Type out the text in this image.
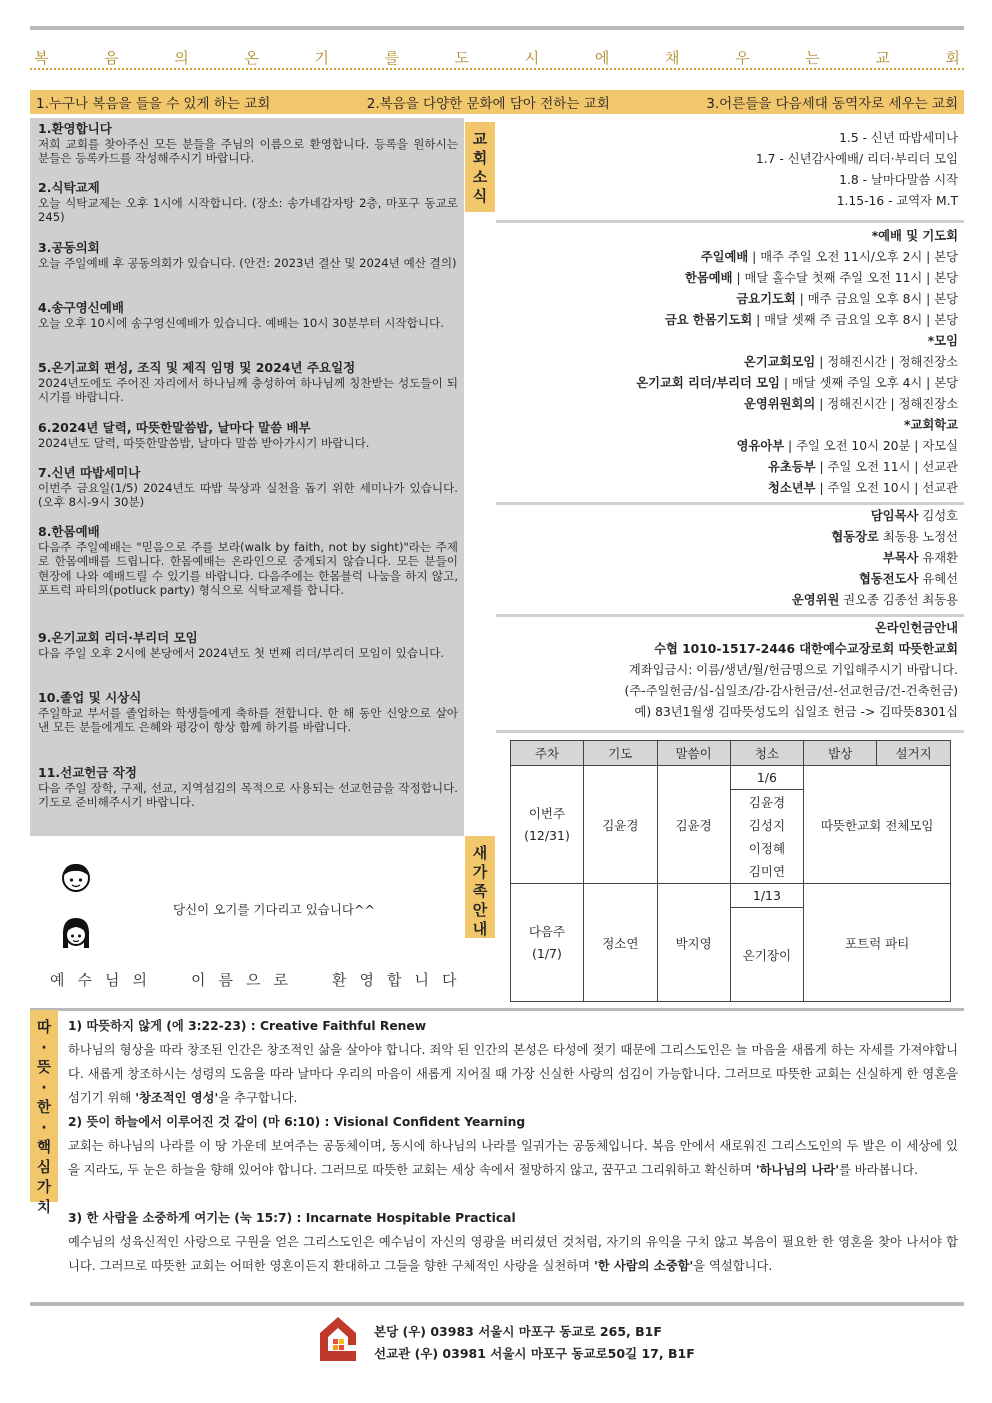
복	음	의	온	기	를	도	시	에	채	우	는	교	회
1.누구나 복음을 들을 수 있게 하는 교회	2.복음을 다양한 문화에 담아 전하는 교회	3.어른들을 다음세대 동역자로 세우는 교회
1.환영합니다
저희 교회를 찾아주신 모든 분들을 주님의 이름으로 환영합니다. 등록을 원하시는 분들은 등록카드를 작성해주시기 바랍니다.
2.식탁교제
오늘 식탁교제는 오후 1시에 시작합니다. (장소: 송가네감자탕 2층, 마포구 동교로 245)
3.공동의회
오늘 주일예배 후 공동의회가 있습니다. (안건: 2023년 결산 및 2024년 예산 결의)
4.송구영신예배
오늘 오후 10시에 송구영신예배가 있습니다. 예배는 10시 30분부터 시작합니다.
5.온기교회 편성, 조직 및 제직 임명 및 2024년 주요일정
2024년도에도 주어진 자리에서 하나님께 충성하여 하나님께 칭찬받는 성도들이 되시기를 바랍니다.
6.2024년 달력, 따뜻한말씀밥, 날마다 말씀 배부
2024년도 달력, 따뜻한말씀밥, 날마다 말씀 받아가시기 바랍니다.
7.신년 따밥세미나
이번주 금요일(1/5) 2024년도 따밥 묵상과 실천을 돕기 위한 세미나가 있습니다. (오후 8시-9시 30분)
8.한몸예배
다음주 주일예배는 "믿음으로 주를 보라(walk by faith, not by sight)"라는 주제로 한몸예배를 드립니다. 한몸예배는 온라인으로 중계되지 않습니다. 모든 분들이 현장에 나와 예배드릴 수 있기를 바랍니다. 다음주에는 한몸블럭 나눔을 하지 않고, 포트럭 파티의(potluck party) 형식으로 식탁교제를 합니다.
9.온기교회 리더·부리더 모임
다음 주일 오후 2시에 본당에서 2024년도 첫 번째 리더/부리더 모임이 있습니다.
10.졸업 및 시상식
주일학교 부서를 졸업하는 학생들에게 축하를 전합니다. 한 해 동안 신앙으로 살아 낸 모든 분들에게도 은혜와 평강이 항상 함께 하기를 바랍니다.
11.선교헌금 작정
다음 주일 장학, 구제, 선교, 지역섬김의 목적으로 사용되는 선교헌금을 작정합니다. 기도로 준비해주시기 바랍니다.
당신이 오기를 기다리고 있습니다^^
예 수 님 의	이 름 으 로	환 영 합 니 다
교
회
소
식
새
가
족
안
내
1.5 - 신년 따밥세미나
1.7 - 신년감사예배/ 리더·부리더 모임
1.8 - 날마다말씀 시작
1.15-16 - 교역자 M.T
*예배 및 기도회
주일예배 | 매주 주일 오전 11시/오후 2시 | 본당
한몸예배 | 매달 홀수달 첫째 주일 오전 11시 | 본당
금요기도회 | 매주 금요일 오후 8시 | 본당
금요 한몸기도회 | 매달 셋째 주 금요일 오후 8시 | 본당
*모임
온기교회모임 | 정해진시간 | 정해진장소
온기교회 리더/부리더 모임 | 매달 셋째 주일 오후 4시 | 본당
운영위원회의 | 정해진시간 | 정해진장소
*교회학교
영유아부 | 주일 오전 10시 20분 | 자모실
유초등부 | 주일 오전 11시 | 선교관
청소년부 | 주일 오전 10시 | 선교관
담임목사 김성호
협동장로 최동용 노정선
부목사 유재환
협동전도사 유혜선
운영위원 권오종 김종선 최동용
온라인헌금안내
수협 1010-1517-2446 대한예수교장로회 따뜻한교회
계좌입금시: 이름/생년/월/헌금명으로 기입해주시기 바랍니다.
(주-주일헌금/십-십일조/감-감사헌금/선-선교헌금/건-건축헌금)
예) 83년1월생 김따뜻성도의 십일조 헌금 -> 김따뜻8301십
주차	기도	말씀이	청소	밥상	설거지
이번주
(12/31)	김윤경	김윤경	1/6	따뜻한교회 전체모임	

			김윤경
김성지
이정혜
김미연		

다음주
(1/7)	정소연	박지영	1/13	포트럭 파티	
			온기장이		
따
·
뜻
·
한
·
핵
심
가
치
1) 따뜻하지 않게 (에 3:22-23) : Creative Faithful Renew
하나님의 형상을 따라 창조된 인간은 창조적인 삶을 살아야 합니다. 죄악 된 인간의 본성은 타성에 젖기 때문에 그리스도인은 늘 마음을 새롭게 하는 자세를 가져야합니다. 새롭게 창조하시는 성령의 도움을 따라 날마다 우리의 마음이 새롭게 지어질 때 가장 신실한 사랑의 섬김이 가능합니다. 그러므로 따뜻한 교회는 신실하게 한 영혼을 섬기기 위해 '창조적인 영성'을 추구합니다.
2) 뜻이 하늘에서 이루어진 것 같이 (마 6:10) : Visional Confident Yearning
교회는 하나님의 나라를 이 땅 가운데 보여주는 공동체이며, 동시에 하나님의 나라를 일궈가는 공동체입니다. 복음 안에서 새로워진 그리스도인의 두 발은 이 세상에 있을 지라도, 두 눈은 하늘을 향해 있어야 합니다. 그러므로 따뜻한 교회는 세상 속에서 절망하지 않고, 꿈꾸고 그리워하고 확신하며 '하나님의 나라'를 바라봅니다.
3) 한 사람을 소중하게 여기는 (눅 15:7) : Incarnate Hospitable Practical
예수님의 성육신적인 사랑으로 구원을 얻은 그리스도인은 예수님이 자신의 영광을 버리셨던 것처럼, 자기의 유익을 구치 않고 복음이 필요한 한 영혼을 찾아 나서야 합니다. 그러므로 따뜻한 교회는 어떠한 영혼이든지 환대하고 그들을 향한 구체적인 사랑을 실천하며 '한 사람의 소중함'을 역설합니다.
본당 (우) 03983 서울시 마포구 동교로 265, B1F
선교관 (우) 03981 서울시 마포구 동교로50길 17, B1F
